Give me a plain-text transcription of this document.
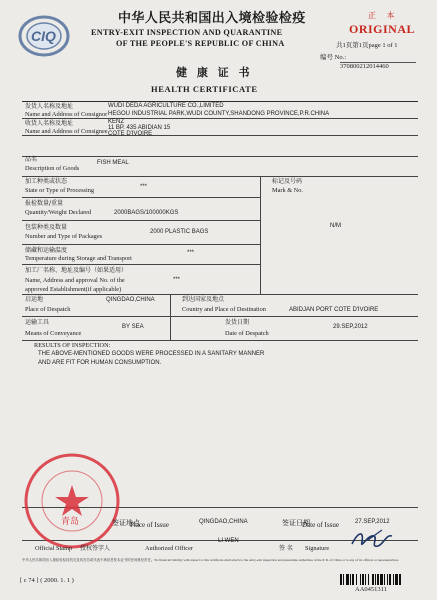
CIQ
中华人民共和国出入境检验检疫
ENTRY-EXIT INSPECTION AND QUARANTINE
OF THE PEOPLE'S REPUBLIC OF CHINA
正 本
ORIGINAL
共1页第1页page 1 of 1
编号 No.:
370800212014460
健 康 证 书
HEALTH CERTIFICATE
发货人名称及地址
Name and Address of Consignor
WUDI DEDA AGRICULTURE CO.,LIMITED
HEGOU INDUSTRIAL PARK,WUDI COUNTY,SHANDONG PROVINCE,P.R.CHINA
收货人名称及地址
Name and Address of Consignee
KENZ
11 BP. 435 ABIDIAN 15
COTE D'IVOIRE
品名
Description of Goods
FISH MEAL
加工种类或状态
State or Type of Processing	***
标记及号码
Mark & No.
N/M
报检数量/重量
Quantity/Weight Declared	2000BAGS/100000KGS
包装种类及数量
Number and Type of Packages
2000 PLASTIC BAGS
储藏和运输温度
Temperature during Storage and Transport
***
加工厂名称、地址及编号（如果适用）
Name, Address and approval No. of the
approved Establishment(if applicable)
***
启运地
Place of Despatch
QINGDAO,CHINA	到达国家及地点
Country and Place of Destination	ABIDJAN PORT COTE D'IVOIRE
运输工具
Means of Conveyance
BY SEA
发货日期
Date of Despatch
29.SEP,2012
RESULTS OF INSPECTION:
THE ABOVE-MENTIONED GOODS WERE PROCESSED IN A SANITARY MANNER
AND ARE FIT FOR HUMAN CONSUMPTION.
青岛	签证地点
Place of Issue	QINGDAO,CHINA	签证日期
Date of Issue	27.SEP,2012
Official Stamp 授权签字人	Authorized Officer
LI WEN
签 名 Signature
中华人民共和国出入境检验检疫机关及其官员或代表不承担签发本证书的任何财经责任。No financial liability with respect to this certificate shall attach to the entry-exit inspection and quarantine authorities of the P. R. of China or to any of its officers or representatives.
[ c 74 ] ( 2000. 1. 1 )
AA0451311
